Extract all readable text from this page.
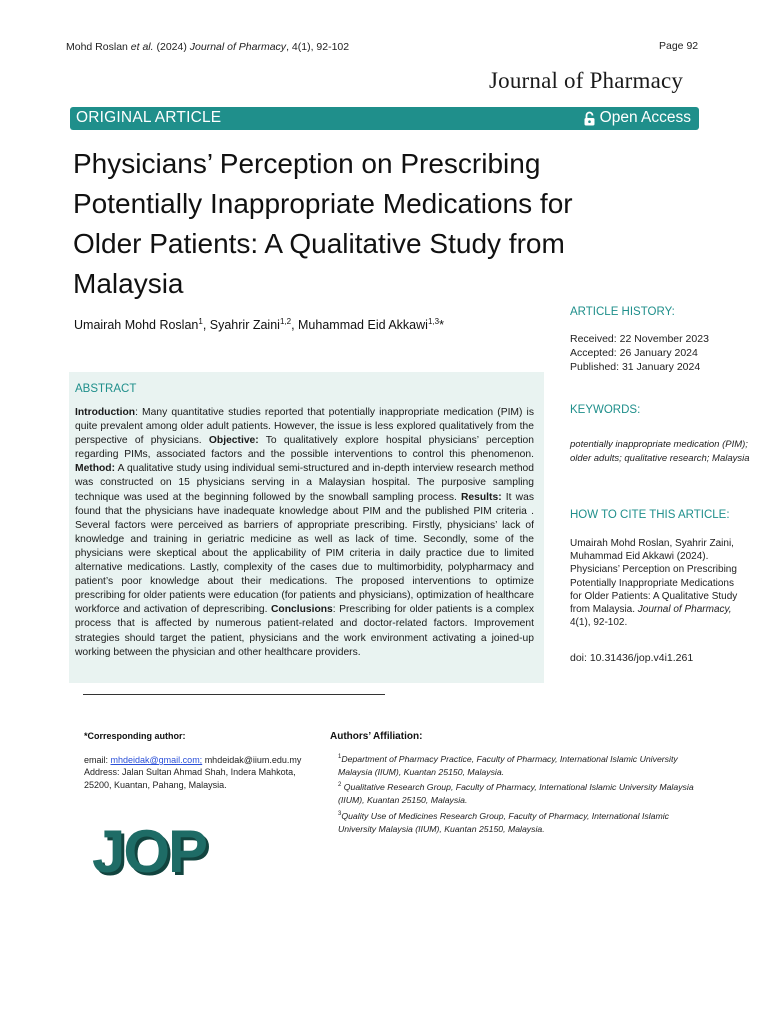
Mohd Roslan et al. (2024) Journal of Pharmacy, 4(1), 92-102	Page 92
Journal of Pharmacy
ORIGINAL ARTICLE	Open Access
Physicians’ Perception on Prescribing Potentially Inappropriate Medications for Older Patients: A Qualitative Study from Malaysia
Umairah Mohd Roslan$^1$, Syahrir Zaini$^{1,2}$, Muhammad Eid Akkawi$^{1,3}$*
ARTICLE HISTORY:
Received: 22 November 2023
Accepted: 26 January 2024
Published: 31 January 2024
KEYWORDS:
potentially inappropriate medication (PIM); older adults; qualitative research; Malaysia
HOW TO CITE THIS ARTICLE:
Umairah Mohd Roslan, Syahrir Zaini, Muhammad Eid Akkawi (2024). Physicians’ Perception on Prescribing Potentially Inappropriate Medications for Older Patients: A Qualitative Study from Malaysia. Journal of Pharmacy, 4(1), 92-102.
doi: 10.31436/jop.v4i1.261
ABSTRACT
Introduction: Many quantitative studies reported that potentially inappropriate medication (PIM) is quite prevalent among older adult patients. However, the issue is less explored qualitatively from the perspective of physicians. Objective: To qualitatively explore hospital physicians’ perception regarding PIMs, associated factors and the possible interventions to control this phenomenon. Method: A qualitative study using individual semi-structured and in-depth interview research method was constructed on 15 physicians serving in a Malaysian hospital. The purposive sampling technique was used at the beginning followed by the snowball sampling process. Results: It was found that the physicians have inadequate knowledge about PIM and the published PIM criteria . Several factors were perceived as barriers of appropriate prescribing. Firstly, physicians’ lack of knowledge and training in geriatric medicine as well as lack of time. Secondly, some of the physicians were skeptical about the applicability of PIM criteria in daily practice due to limited alternative medications. Lastly, complexity of the cases due to multimorbidity, polypharmacy and patient’s poor knowledge about their medications. The proposed interventions to optimize prescribing for older patients were education (for patients and physicians), optimization of healthcare workforce and activation of deprescribing. Conclusions: Prescribing for older patients is a complex process that is affected by numerous patient-related and doctor-related factors. Improvement strategies should target the patient, physicians and the work environment activating a joined-up working between the physician and other healthcare providers.
*Corresponding author:
email: mhdeidak@gmail.com; mhdeidak@iium.edu.my
Address: Jalan Sultan Ahmad Shah, Indera Mahkota, 25200, Kuantan, Pahang, Malaysia.
Authors’ Affiliation:
$^1$Department of Pharmacy Practice, Faculty of Pharmacy, International Islamic University Malaysia (IIUM), Kuantan 25150, Malaysia.
$^2$ Qualitative Research Group, Faculty of Pharmacy, International Islamic University Malaysia (IIUM), Kuantan 25150, Malaysia.
$^3$Quality Use of Medicines Research Group, Faculty of Pharmacy, International Islamic University Malaysia (IIUM), Kuantan 25150, Malaysia.
JOP
